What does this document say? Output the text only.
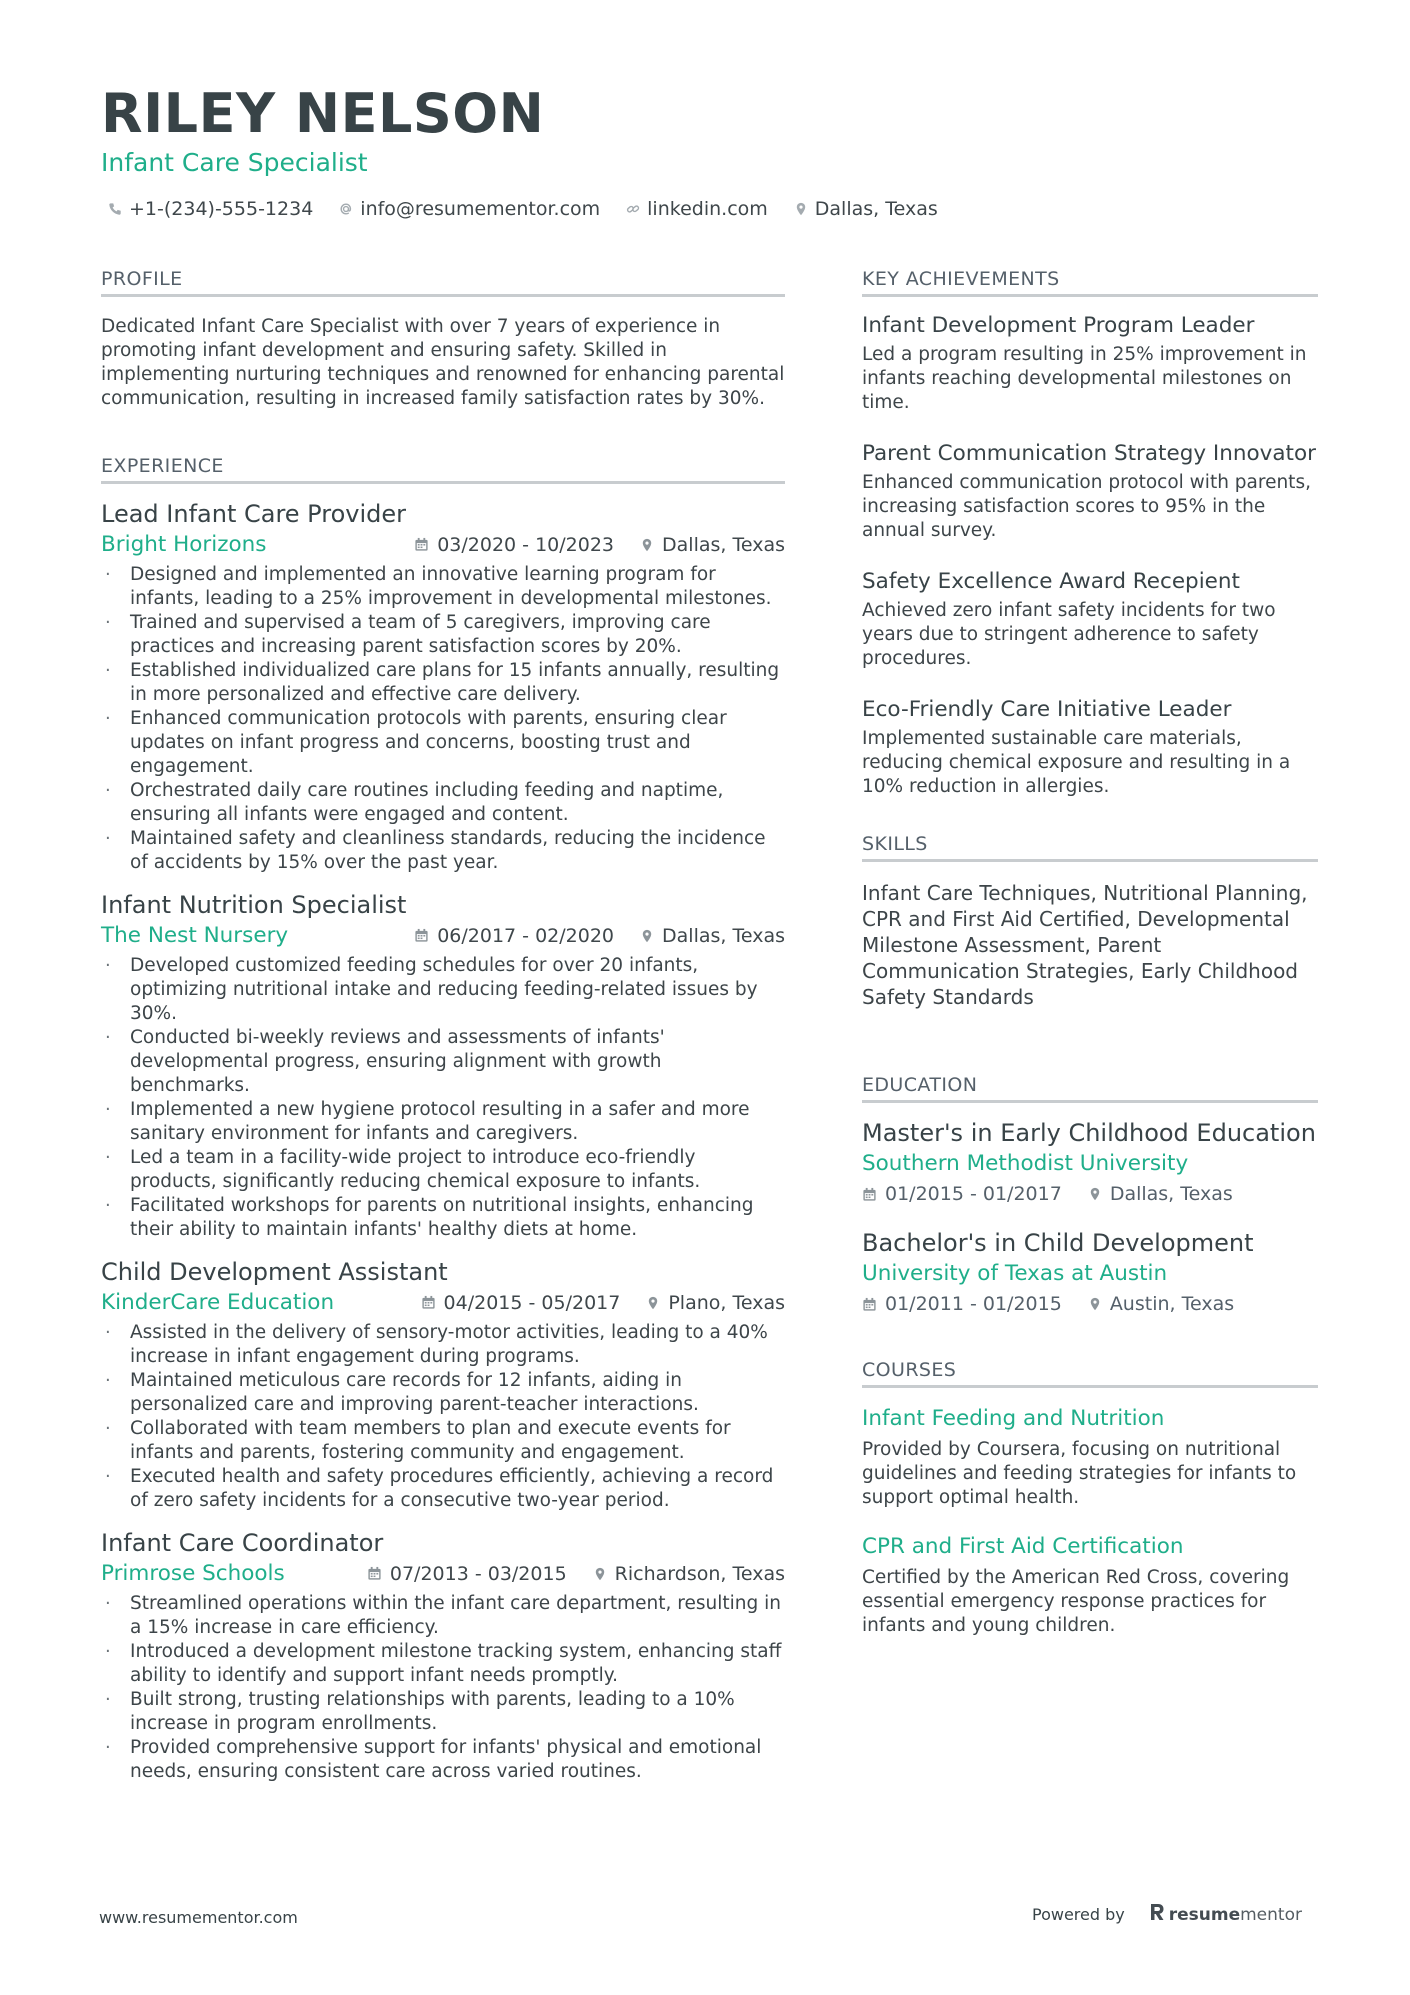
RILEY NELSON
Infant Care Specialist
+1-(234)-555-1234 info@resumementor.com linkedin.com Dallas, Texas
PROFILE
Dedicated Infant Care Specialist with over 7 years of experience in promoting infant development and ensuring safety. Skilled in implementing nurturing techniques and renowned for enhancing parental communication, resulting in increased family satisfaction rates by 30%.
EXPERIENCE
Lead Infant Care Provider
Bright Horizons	03/2020 - 10/2023	Dallas, Texas
· Designed and implemented an innovative learning program for infants, leading to a 25% improvement in developmental milestones.
· Trained and supervised a team of 5 caregivers, improving care practices and increasing parent satisfaction scores by 20%.
· Established individualized care plans for 15 infants annually, resulting in more personalized and effective care delivery.
· Enhanced communication protocols with parents, ensuring clear updates on infant progress and concerns, boosting trust and engagement.
· Orchestrated daily care routines including feeding and naptime, ensuring all infants were engaged and content.
· Maintained safety and cleanliness standards, reducing the incidence of accidents by 15% over the past year.
Infant Nutrition Specialist
The Nest Nursery	06/2017 - 02/2020	Dallas, Texas
· Developed customized feeding schedules for over 20 infants, optimizing nutritional intake and reducing feeding-related issues by 30%.
· Conducted bi-weekly reviews and assessments of infants' developmental progress, ensuring alignment with growth benchmarks.
· Implemented a new hygiene protocol resulting in a safer and more sanitary environment for infants and caregivers.
· Led a team in a facility-wide project to introduce eco-friendly products, significantly reducing chemical exposure to infants.
· Facilitated workshops for parents on nutritional insights, enhancing their ability to maintain infants' healthy diets at home.
Child Development Assistant
KinderCare Education	04/2015 - 05/2017	Plano, Texas
· Assisted in the delivery of sensory-motor activities, leading to a 40% increase in infant engagement during programs.
· Maintained meticulous care records for 12 infants, aiding in personalized care and improving parent-teacher interactions.
· Collaborated with team members to plan and execute events for infants and parents, fostering community and engagement.
· Executed health and safety procedures efficiently, achieving a record of zero safety incidents for a consecutive two-year period.
Infant Care Coordinator
Primrose Schools	07/2013 - 03/2015	Richardson, Texas
· Streamlined operations within the infant care department, resulting in a 15% increase in care efficiency.
· Introduced a development milestone tracking system, enhancing staff ability to identify and support infant needs promptly.
· Built strong, trusting relationships with parents, leading to a 10% increase in program enrollments.
· Provided comprehensive support for infants' physical and emotional needs, ensuring consistent care across varied routines.
KEY ACHIEVEMENTS
Infant Development Program Leader
Led a program resulting in 25% improvement in infants reaching developmental milestones on time.
Parent Communication Strategy Innovator
Enhanced communication protocol with parents, increasing satisfaction scores to 95% in the annual survey.
Safety Excellence Award Recepient
Achieved zero infant safety incidents for two years due to stringent adherence to safety procedures.
Eco-Friendly Care Initiative Leader
Implemented sustainable care materials, reducing chemical exposure and resulting in a 10% reduction in allergies.
SKILLS
Infant Care Techniques, Nutritional Planning, CPR and First Aid Certified, Developmental Milestone Assessment, Parent Communication Strategies, Early Childhood Safety Standards
EDUCATION
Master's in Early Childhood Education
Southern Methodist University
01/2015 - 01/2017	Dallas, Texas
Bachelor's in Child Development
University of Texas at Austin
01/2011 - 01/2015	Austin, Texas
COURSES
Infant Feeding and Nutrition
Provided by Coursera, focusing on nutritional guidelines and feeding strategies for infants to support optimal health.
CPR and First Aid Certification
Certified by the American Red Cross, covering essential emergency response practices for infants and young children.
www.resumementor.com	Powered by	resume mentor
